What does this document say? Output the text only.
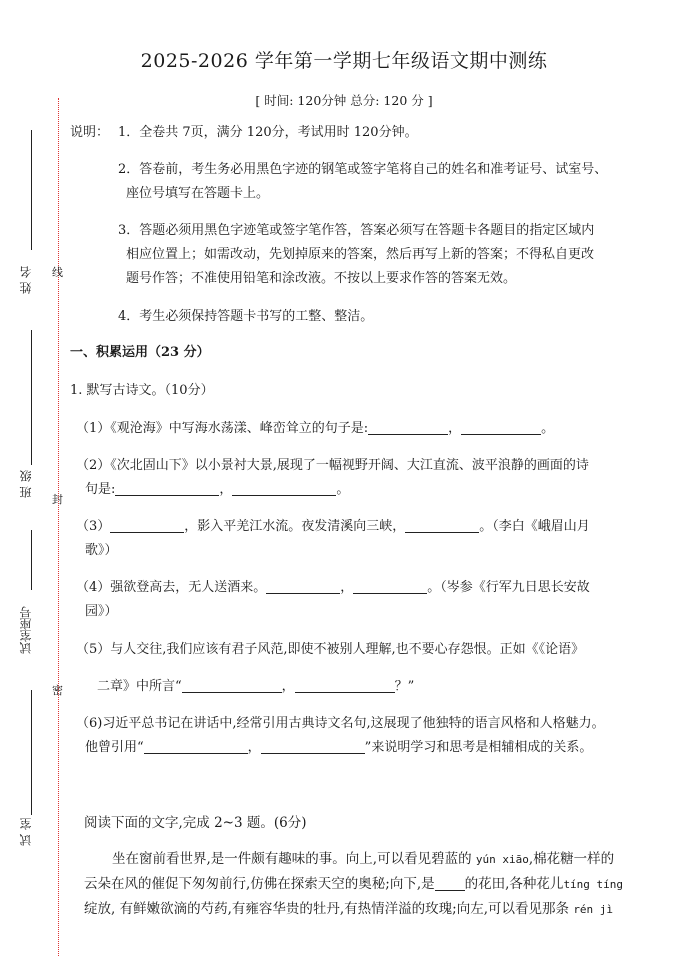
2025-2026 学年第一学期七年级语文期中测练
[ 时间: 120分钟 总分: 120 分 ]
姓 名
班 级
试室座号
试 室
线
封
密
说明： 1．全卷共 7页，满分 120分，考试用时 120分钟。
2．答卷前，考生务必用黑色字迹的钢笔或签字笔将自己的姓名和准考证号、试室号、
座位号填写在答题卡上。
3．答题必须用黑色字迹笔或签字笔作答，答案必须写在答题卡各题目的指定区域内
相应位置上；如需改动，先划掉原来的答案，然后再写上新的答案；不得私自更改
题号作答；不准使用铅笔和涂改液。不按以上要求作答的答案无效。
4．考生必须保持答题卡书写的工整、整洁。
一、积累运用（23 分）
1. 默写古诗文。（10分）
（1）《观沧海》中写海水荡漾、峰峦耸立的句子是:	，	。
（2）《次北固山下》以小景衬大景,展现了一幅视野开阔、大江直流、波平浪静的画面的诗
句是:	，	。
（3）	，影入平羌江水流。夜发清溪向三峡，	。（李白《峨眉山月
歌》）
（4）强欲登高去，无人送酒来。	，	。（岑参《行军九日思长安故
园》）
（5）与人交往,我们应该有君子风范,即使不被别人理解,也不要心存怨恨。正如《《论语》
二章》中所言“	，	？”
（6)习近平总书记在讲话中,经常引用古典诗文名句,这展现了他独特的语言风格和人格魅力。
他曾引用“	，	”来说明学习和思考是相辅相成的关系。
阅读下面的文字,完成 2~3 题。(6分)
坐在窗前看世界,是一件颇有趣味的事。向上,可以看见碧蓝的 yún xiāo,棉花糖一样的
云朵在风的催促下匆匆前行,仿佛在探索天空的奥秘;向下,是 的花田,各种花儿tíng tíng
绽放, 有鲜嫩欲滴的芍药,有雍容华贵的牡丹,有热情洋溢的玫瑰;向左,可以看见那条 rén jì
